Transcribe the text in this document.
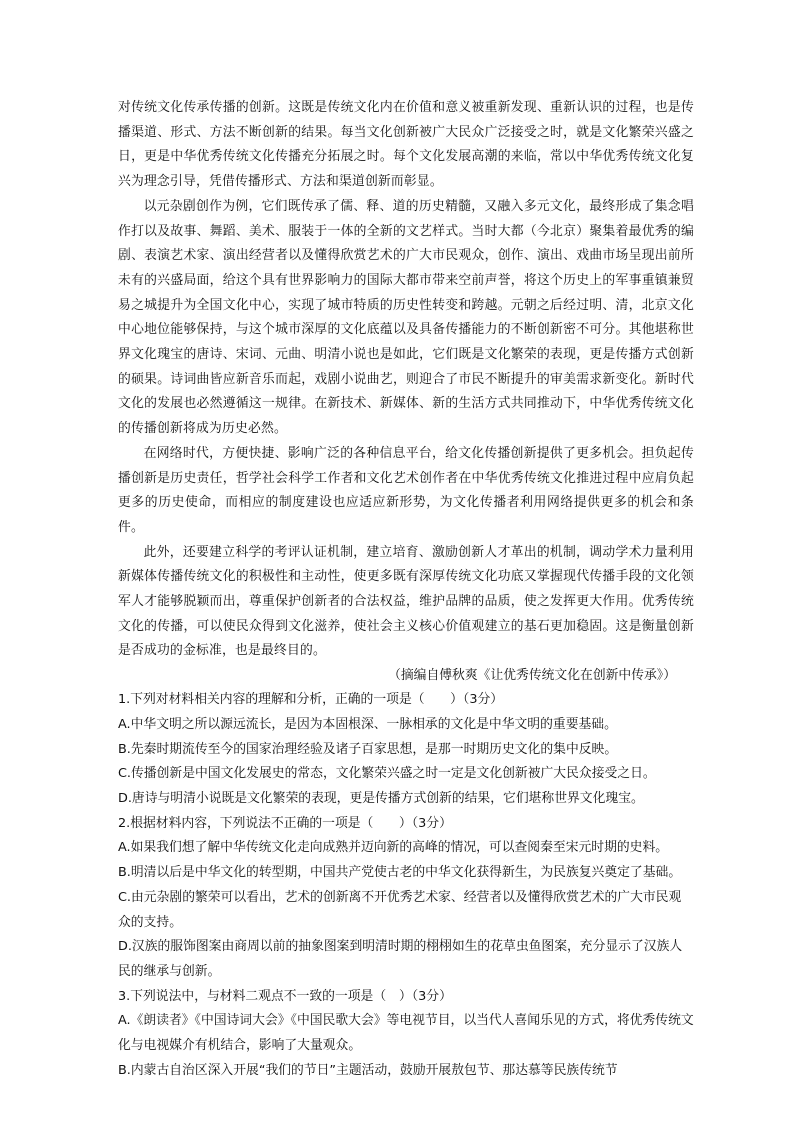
对传统文化传承传播的创新。这既是传统文化内在价值和意义被重新发现、重新认识的过程，也是传播渠道、形式、方法不断创新的结果。每当文化创新被广大民众广泛接受之时，就是文化繁荣兴盛之日，更是中华优秀传统文化传播充分拓展之时。每个文化发展高潮的来临，常以中华优秀传统文化复兴为理念引导，凭借传播形式、方法和渠道创新而彰显。

以元杂剧创作为例，它们既传承了儒、释、道的历史精髓，又融入多元文化，最终形成了集念唱作打以及故事、舞蹈、美术、服装于一体的全新的文艺样式。当时大都（今北京）聚集着最优秀的编剧、表演艺术家、演出经营者以及懂得欣赏艺术的广大市民观众，创作、演出、戏曲市场呈现出前所未有的兴盛局面，给这个具有世界影响力的国际大都市带来空前声誉，将这个历史上的军事重镇兼贸易之城提升为全国文化中心，实现了城市特质的历史性转变和跨越。元朝之后经过明、清，北京文化中心地位能够保持，与这个城市深厚的文化底蕴以及具备传播能力的不断创新密不可分。其他堪称世界文化瑰宝的唐诗、宋词、元曲、明清小说也是如此，它们既是文化繁荣的表现，更是传播方式创新的硕果。诗词曲皆应新音乐而起，戏剧小说曲艺，则迎合了市民不断提升的审美需求新变化。新时代文化的发展也必然遵循这一规律。在新技术、新媒体、新的生活方式共同推动下，中华优秀传统文化的传播创新将成为历史必然。

在网络时代，方便快捷、影响广泛的各种信息平台，给文化传播创新提供了更多机会。担负起传播创新是历史责任，哲学社会科学工作者和文化艺术创作者在中华优秀传统文化推进过程中应肩负起更多的历史使命，而相应的制度建设也应适应新形势，为文化传播者利用网络提供更多的机会和条件。

此外，还要建立科学的考评认证机制，建立培育、激励创新人才革出的机制，调动学术力量利用新媒体传播传统文化的积极性和主动性，使更多既有深厚传统文化功底又掌握现代传播手段的文化领军人才能够脱颖而出，尊重保护创新者的合法权益，维护品牌的品质，使之发挥更大作用。优秀传统文化的传播，可以使民众得到文化滋养，使社会主义核心价值观建立的基石更加稳固。这是衡量创新是否成功的金标准，也是最终目的。

（摘编自傅秋爽《让优秀传统文化在创新中传承》）

1.下列对材料相关内容的理解和分析，正确的一项是（　　）（3分）

A.中华文明之所以源远流长，是因为本固根深、一脉相承的文化是中华文明的重要基础。

B.先秦时期流传至今的国家治理经验及诸子百家思想，是那一时期历史文化的集中反映。

C.传播创新是中国文化发展史的常态，文化繁荣兴盛之时一定是文化创新被广大民众接受之日。

D.唐诗与明清小说既是文化繁荣的表现，更是传播方式创新的结果，它们堪称世界文化瑰宝。

2.根据材料内容，下列说法不正确的一项是（　　）（3分）

A.如果我们想了解中华传统文化走向成熟并迈向新的高峰的情况，可以查阅秦至宋元时期的史料。

B.明清以后是中华文化的转型期，中国共产党使古老的中华文化获得新生，为民族复兴奠定了基础。

C.由元杂剧的繁荣可以看出，艺术的创新离不开优秀艺术家、经营者以及懂得欣赏艺术的广大市民观众的支持。

D.汉族的服饰图案由商周以前的抽象图案到明清时期的栩栩如生的花草虫鱼图案，充分显示了汉族人民的继承与创新。

3.下列说法中，与材料二观点不一致的一项是（　）（3分）

A.《朗读者》《中国诗词大会》《中国民歌大会》等电视节目，以当代人喜闻乐见的方式，将优秀传统文化与电视媒介有机结合，影响了大量观众。

B.内蒙古自治区深入开展“我们的节日”主题活动，鼓励开展敖包节、那达慕等民族传统节
